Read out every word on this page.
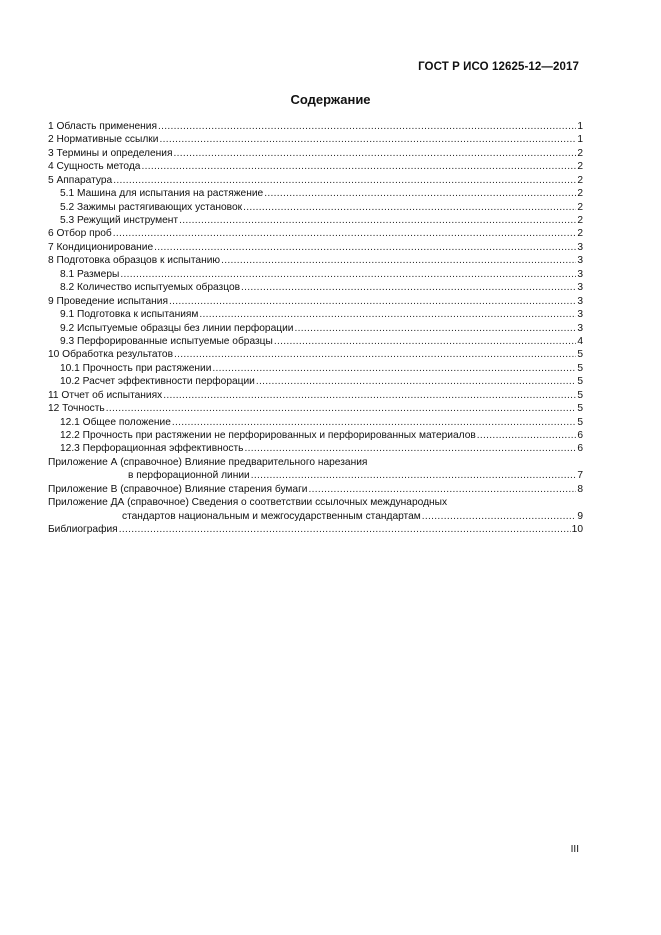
ГОСТ Р ИСО 12625-12—2017
Содержание
1 Область применения .....	1
2 Нормативные ссылки .....	1
3 Термины и определения .....	2
4 Сущность метода .....	2
5 Аппаратура .....	2
5.1 Машина для испытания на растяжение .....	2
5.2 Зажимы растягивающих установок .....	2
5.3 Режущий инструмент .....	2
6 Отбор проб .....	2
7 Кондиционирование .....	3
8 Подготовка образцов к испытанию .....	3
8.1 Размеры .....	3
8.2 Количество испытуемых образцов .....	3
9 Проведение испытания .....	3
9.1 Подготовка к испытаниям .....	3
9.2 Испытуемые образцы без линии перфорации .....	3
9.3 Перфорированные испытуемые образцы .....	4
10 Обработка результатов .....	5
10.1 Прочность при растяжении .....	5
10.2 Расчет эффективности перфорации .....	5
11 Отчет об испытаниях .....	5
12 Точность .....	5
12.1 Общее положение .....	5
12.2 Прочность при растяжении не перфорированных и перфорированных материалов .....	6
12.3 Перфорационная эффективность .....	6
Приложение А (справочное) Влияние предварительного нарезания
в перфорационной линии .....	7
Приложение В (справочное) Влияние старения бумаги .....	8
Приложение ДА (справочное) Сведения о соответствии ссылочных международных
стандартов национальным и межгосударственным стандартам .....	9
Библиография .....	10
III
